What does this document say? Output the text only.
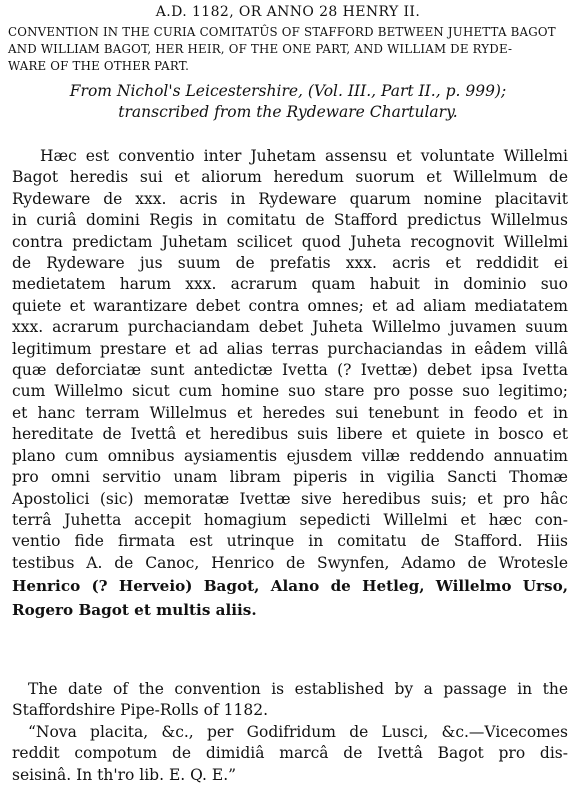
A.D. 1182, OR ANNO 28 HENRY II.
CONVENTION IN THE CURIA COMITATÛS OF STAFFORD BETWEEN JUHETTA BAGOT
AND WILLIAM BAGOT, HER HEIR, OF THE ONE PART, AND WILLIAM DE RYDE-
WARE OF THE OTHER PART.
From Nichol's Leicestershire, (Vol. III., Part II., p. 999);
transcribed from the Rydeware Chartulary.
Hæc est conventio inter Juhetam assensu et voluntate Willelmi
Bagot heredis sui et aliorum heredum suorum et Willelmum de
Rydeware de xxx. acris in Rydeware quarum nomine placitavit
in curiâ domini Regis in comitatu de Stafford predictus Willelmus
contra predictam Juhetam scilicet quod Juheta recognovit Willelmi
de Rydeware jus suum de prefatis xxx. acris et reddidit ei
medietatem harum xxx. acrarum quam habuit in dominio suo
quiete et warantizare debet contra omnes; et ad aliam mediatatem
xxx. acrarum purchaciandam debet Juheta Willelmo juvamen suum
legitimum prestare et ad alias terras purchaciandas in eâdem villâ
quæ deforciatæ sunt antedictæ Ivetta (? Ivettæ) debet ipsa Ivetta
cum Willelmo sicut cum homine suo stare pro posse suo legitimo;
et hanc terram Willelmus et heredes sui tenebunt in feodo et in
hereditate de Ivettâ et heredibus suis libere et quiete in bosco et
plano cum omnibus aysiamentis ejusdem villæ reddendo annuatim
pro omni servitio unam libram piperis in vigilia Sancti Thomæ
Apostolici (sic) memoratæ Ivettæ sive heredibus suis; et pro hâc
terrâ Juhetta accepit homagium sepedicti Willelmi et hæc con-
ventio fide firmata est utrinque in comitatu de Stafford. Hiis
testibus A. de Canoc, Henrico de Swynfen, Adamo de Wrotesle
Henrico (? Herveio) Bagot, Alano de Hetleg, Willelmo Urso,
Rogero Bagot et multis aliis.
The date of the convention is established by a passage in the
Staffordshire Pipe-Rolls of 1182.
“Nova placita, &c., per Godifridum de Lusci, &c.—Vicecomes
reddit compotum de dimidiâ marcâ de Ivettâ Bagot pro dis-
seisinâ. In th'ro lib. E. Q. E.”
